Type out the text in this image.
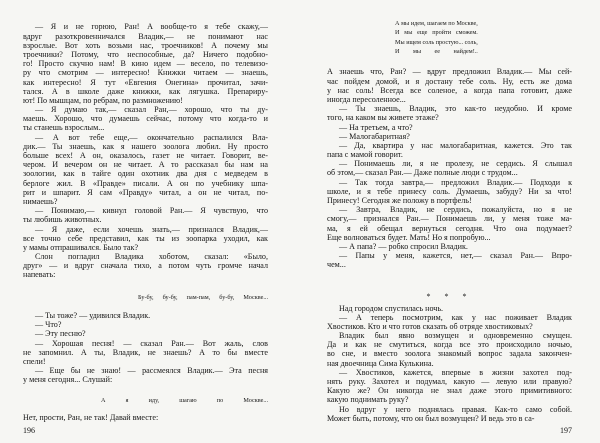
— Я и не горюю, Ран! А вообще-то я тебе скажу,—
вдруг разоткровенничался Владик,— не понимают нас
взрослые. Вот хоть возьми нас, троечников! А почему мы
троечники? Потому, что неспособные, да? Ничего подобно-
го! Просто скучно нам! В кино идем — весело, по телевизо-
ру что смотрим — интересно! Книжки читаем — знаешь,
как интересно! Я тут «Евгения Онегина» прочитал, зачи-
тался. А в школе даже книжки, как лягушка. Препариру-
ют! По мышцам, по ребрам, по размножению!
— Я думаю так,— сказал Ран,— хорошо, что ты ду-
маешь. Хорошо, что думаешь сейчас, потому что когда-то и
ты станешь взрослым...
— А вот тебе еще,— окончательно распалился Вла-
дик.— Ты знаешь, как я нашего зоолога любил. Ну просто
больше всех! А он, оказалось, газет не читает. Говорит, ве-
чером. И вечером он не читает. А то рассказал бы нам на
зоологии, как в тайге один охотник два дня с медведем в
берлоге жил. В «Правде» писали. А он по учебнику шпа-
рит и шпарит. Я сам «Правду» читал, а он не читал, по-
нимаешь?
— Понимаю,— кивнул головой Ран.— Я чувствую, что
ты любишь животных.
— Я даже, если хочешь знать,— признался Владик,—
все точно себе представил, как ты из зоопарка уходил, как
у мамы отпрашивался. Было так?
Слон погладил Владика хоботом, сказал: «Было,
друг» — и вдруг сначала тихо, а потом чуть громче начал
напевать:
Бу-бу, бу-бу, пам-пам, бу-бу, Москве...
— Ты тоже? — удивился Владик.
— Что?
— Эту песню?
— Хорошая песня! — сказал Ран.— Вот жаль, слов
не запомнил. А ты, Владик, не знаешь? А то бы вместе
спели!
— Еще бы не знаю! — рассмеялся Владик.— Эта песня
у меня сегодня... Слушай:
А я иду, шагаю по Москве...
Нет, прости, Ран, не так! Давай вместе:
196
А мы идем, шагаем по Москве,
И мы еще пройти сможем.
Мы ищем соль простую... соль,
И мы ее найдем!..
А знаешь что, Ран? — вдруг предложил Владик.— Мы сей-
час пойдем домой, и я достану тебе соль. Ну, есть же дома
у нас соль! Всегда все соленое, а когда папа готовит, даже
иногда пересоленное...
— Ты знаешь, Владик, это как-то неудобно. И кроме
того, на каком вы живете этаже?
— На третьем, а что?
— Малогабаритная?
— Да, квартира у нас малогабаритная, кажется. Это так
папа с мамой говорит.
— Понимаешь ли, я не пролезу, не сердись. Я слышал
об этом,— сказал Ран.— Даже полные люди с трудом...
— Так тогда завтра,— предложил Владик.— Подходи к
школе, и я тебе принесу соль. Думаешь, забуду? Ни за что!
Принесу! Сегодня же положу в портфель!
— Завтра, Владик, не сердись, пожалуйста, но я не
смогу,— признался Ран.— Понимаешь ли, у меня тоже ма-
ма, я ей обещал вернуться сегодня. Что она подумает?
Еще волноваться будет. Мать! Но я попробую...
— А папа? — робко спросил Владик.
— Папы у меня, кажется, нет,— сказал Ран.— Впро-
чем...
* * *
Над городом спустилась ночь.
— А теперь посмотрим, как у нас поживает Владик
Хвостиков. Кто и что готов сказать об отряде хвостиковых?
Владик был явно возмущен и одновременно смущен.
Да и как не смутиться, когда все это происходило ночью,
во сне, и вместо зоолога знакомый вопрос задала закончен-
ная двоечница Сима Кулькина.
— Хвостиков, кажется, впервые в жизни захотел под-
нять руку. Захотел и подумал, какую — левую или правую?
Какую же? Он никогда не знал даже этого примитивного:
какую поднимать руку?
Но вдруг у него поднялась правая. Как-то само собой.
Может быть, потому, что он был возмущен? И ведь это в са-
197
